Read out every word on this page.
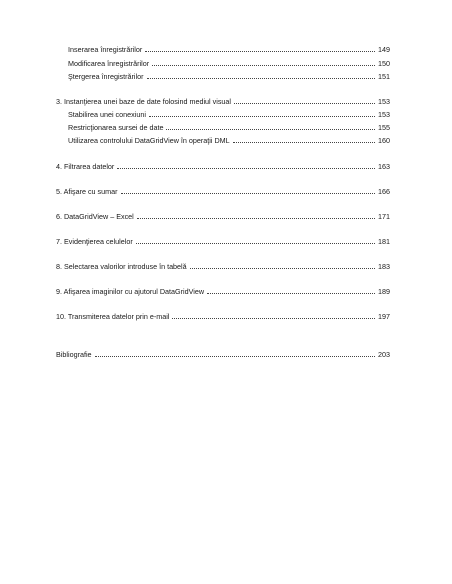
Inserarea înregistrărilor	149
Modificarea înregistrărilor	150
Ştergerea înregistrărilor	151
3. Instanţierea unei baze de date folosind mediul visual	153
Stabilirea unei conexiuni	153
Restricţionarea sursei de date	155
Utilizarea controlului DataGridView în operaţii DML	160
4. Filtrarea datelor	163
5. Afişare cu sumar	166
6. DataGridView – Excel	171
7. Evidenţierea celulelor	181
8. Selectarea valorilor introduse în tabelă	183
9. Afişarea imaginilor cu ajutorul DataGridView	189
10. Transmiterea datelor prin e-mail	197
Bibliografie	203
